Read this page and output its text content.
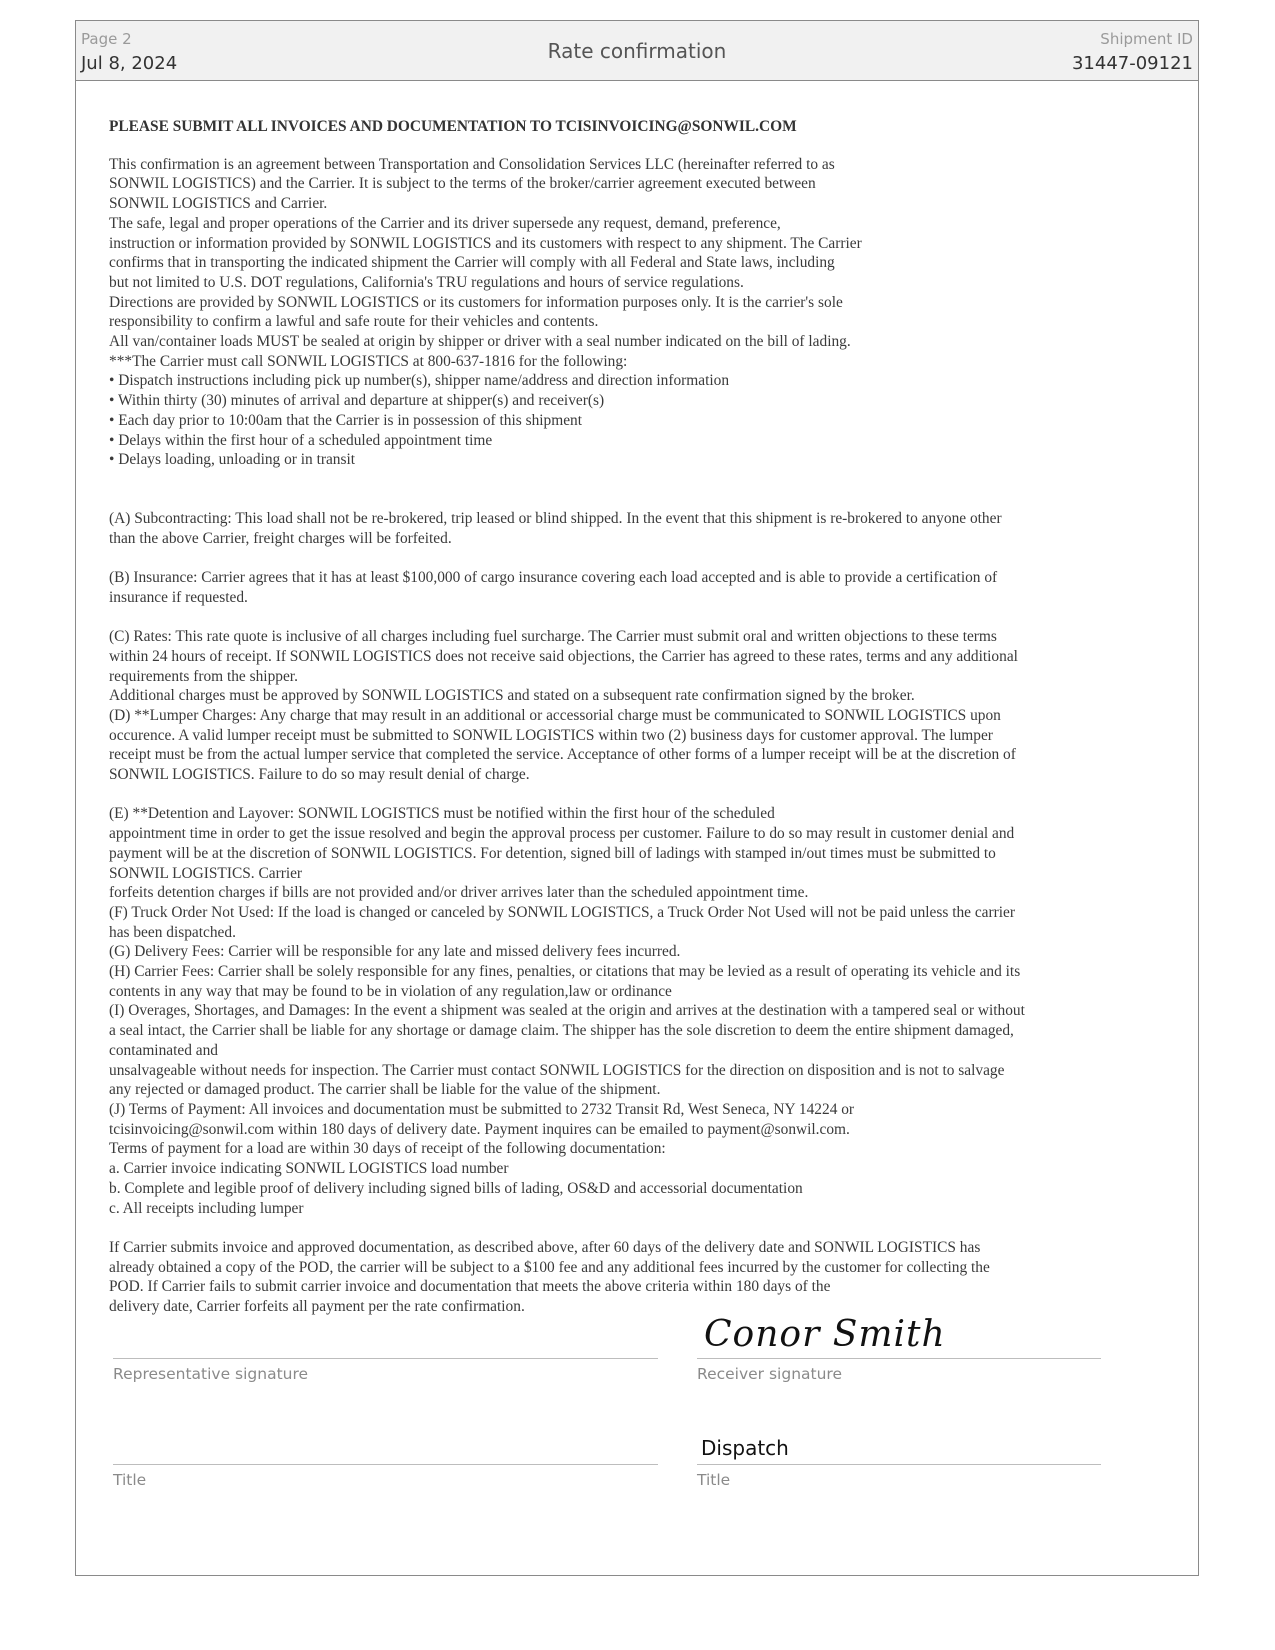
Page 2
Jul 8, 2024
Rate confirmation	Shipment ID
31447-09121
PLEASE SUBMIT ALL INVOICES AND DOCUMENTATION TO TCISINVOICING@SONWIL.COM
This confirmation is an agreement between Transportation and Consolidation Services LLC (hereinafter referred to as
SONWIL LOGISTICS) and the Carrier. It is subject to the terms of the broker/carrier agreement executed between
SONWIL LOGISTICS and Carrier.
The safe, legal and proper operations of the Carrier and its driver supersede any request, demand, preference,
instruction or information provided by SONWIL LOGISTICS and its customers with respect to any shipment. The Carrier
confirms that in transporting the indicated shipment the Carrier will comply with all Federal and State laws, including
but not limited to U.S. DOT regulations, California's TRU regulations and hours of service regulations.
Directions are provided by SONWIL LOGISTICS or its customers for information purposes only. It is the carrier's sole
responsibility to confirm a lawful and safe route for their vehicles and contents.
All van/container loads MUST be sealed at origin by shipper or driver with a seal number indicated on the bill of lading.
***The Carrier must call SONWIL LOGISTICS at 800-637-1816 for the following:
• Dispatch instructions including pick up number(s), shipper name/address and direction information
• Within thirty (30) minutes of arrival and departure at shipper(s) and receiver(s)
• Each day prior to 10:00am that the Carrier is in possession of this shipment
• Delays within the first hour of a scheduled appointment time
• Delays loading, unloading or in transit
(A) Subcontracting: This load shall not be re-brokered, trip leased or blind shipped. In the event that this shipment is re-brokered to anyone other
than the above Carrier, freight charges will be forfeited.
(B) Insurance: Carrier agrees that it has at least $100,000 of cargo insurance covering each load accepted and is able to provide a certification of
insurance if requested.
(C) Rates: This rate quote is inclusive of all charges including fuel surcharge. The Carrier must submit oral and written objections to these terms
within 24 hours of receipt. If SONWIL LOGISTICS does not receive said objections, the Carrier has agreed to these rates, terms and any additional
requirements from the shipper.
Additional charges must be approved by SONWIL LOGISTICS and stated on a subsequent rate confirmation signed by the broker.
(D) **Lumper Charges: Any charge that may result in an additional or accessorial charge must be communicated to SONWIL LOGISTICS upon
occurence. A valid lumper receipt must be submitted to SONWIL LOGISTICS within two (2) business days for customer approval. The lumper
receipt must be from the actual lumper service that completed the service. Acceptance of other forms of a lumper receipt will be at the discretion of
SONWIL LOGISTICS. Failure to do so may result denial of charge.
(E) **Detention and Layover: SONWIL LOGISTICS must be notified within the first hour of the scheduled
appointment time in order to get the issue resolved and begin the approval process per customer. Failure to do so may result in customer denial and
payment will be at the discretion of SONWIL LOGISTICS. For detention, signed bill of ladings with stamped in/out times must be submitted to
SONWIL LOGISTICS. Carrier
forfeits detention charges if bills are not provided and/or driver arrives later than the scheduled appointment time.
(F) Truck Order Not Used: If the load is changed or canceled by SONWIL LOGISTICS, a Truck Order Not Used will not be paid unless the carrier
has been dispatched.
(G) Delivery Fees: Carrier will be responsible for any late and missed delivery fees incurred.
(H) Carrier Fees: Carrier shall be solely responsible for any fines, penalties, or citations that may be levied as a result of operating its vehicle and its
contents in any way that may be found to be in violation of any regulation,law or ordinance
(I) Overages, Shortages, and Damages: In the event a shipment was sealed at the origin and arrives at the destination with a tampered seal or without
a seal intact, the Carrier shall be liable for any shortage or damage claim. The shipper has the sole discretion to deem the entire shipment damaged,
contaminated and
unsalvageable without needs for inspection. The Carrier must contact SONWIL LOGISTICS for the direction on disposition and is not to salvage
any rejected or damaged product. The carrier shall be liable for the value of the shipment.
(J) Terms of Payment: All invoices and documentation must be submitted to 2732 Transit Rd, West Seneca, NY 14224 or
tcisinvoicing@sonwil.com within 180 days of delivery date. Payment inquires can be emailed to payment@sonwil.com.
Terms of payment for a load are within 30 days of receipt of the following documentation:
a. Carrier invoice indicating SONWIL LOGISTICS load number
b. Complete and legible proof of delivery including signed bills of lading, OS&D and accessorial documentation
c. All receipts including lumper
If Carrier submits invoice and approved documentation, as described above, after 60 days of the delivery date and SONWIL LOGISTICS has
already obtained a copy of the POD, the carrier will be subject to a $100 fee and any additional fees incurred by the customer for collecting the
POD. If Carrier fails to submit carrier invoice and documentation that meets the above criteria within 180 days of the
delivery date, Carrier forfeits all payment per the rate confirmation.
Conor Smith
Representative signature	Receiver signature
Dispatch
Title	Title
